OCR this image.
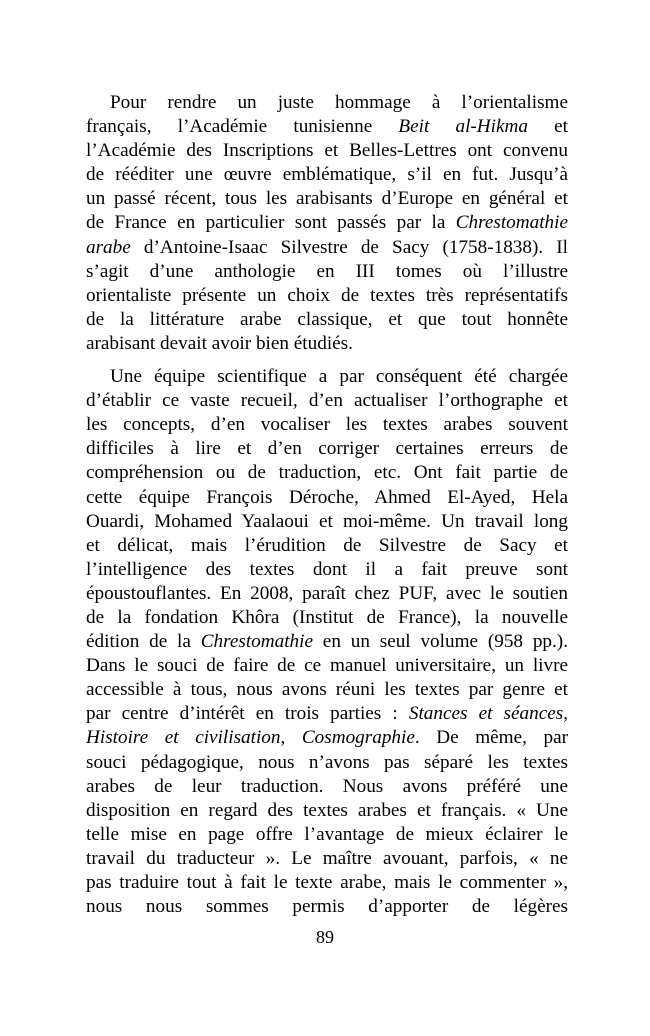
Pour rendre un juste hommage à l’orientalisme
français, l’Académie tunisienne Beit al-Hikma et
l’Académie des Inscriptions et Belles-Lettres ont convenu
de rééditer une œuvre emblématique, s’il en fut. Jusqu’à
un passé récent, tous les arabisants d’Europe en général et
de France en particulier sont passés par la Chrestomathie
arabe d’Antoine-Isaac Silvestre de Sacy (1758-1838). Il
s’agit d’une anthologie en III tomes où l’illustre
orientaliste présente un choix de textes très représentatifs
de la littérature arabe classique, et que tout honnête
arabisant devait avoir bien étudiés.
Une équipe scientifique a par conséquent été chargée
d’établir ce vaste recueil, d’en actualiser l’orthographe et
les concepts, d’en vocaliser les textes arabes souvent
difficiles à lire et d’en corriger certaines erreurs de
compréhension ou de traduction, etc. Ont fait partie de
cette équipe François Déroche, Ahmed El-Ayed, Hela
Ouardi, Mohamed Yaalaoui et moi-même. Un travail long
et délicat, mais l’érudition de Silvestre de Sacy et
l’intelligence des textes dont il a fait preuve sont
époustouflantes. En 2008, paraît chez PUF, avec le soutien
de la fondation Khôra (Institut de France), la nouvelle
édition de la Chrestomathie en un seul volume (958 pp.).
Dans le souci de faire de ce manuel universitaire, un livre
accessible à tous, nous avons réuni les textes par genre et
par centre d’intérêt en trois parties : Stances et séances,
Histoire et civilisation, Cosmographie. De même, par
souci pédagogique, nous n’avons pas séparé les textes
arabes de leur traduction. Nous avons préféré une
disposition en regard des textes arabes et français. « Une
telle mise en page offre l’avantage de mieux éclairer le
travail du traducteur ». Le maître avouant, parfois, « ne
pas traduire tout à fait le texte arabe, mais le commenter »,
nous nous sommes permis d’apporter de légères
89
